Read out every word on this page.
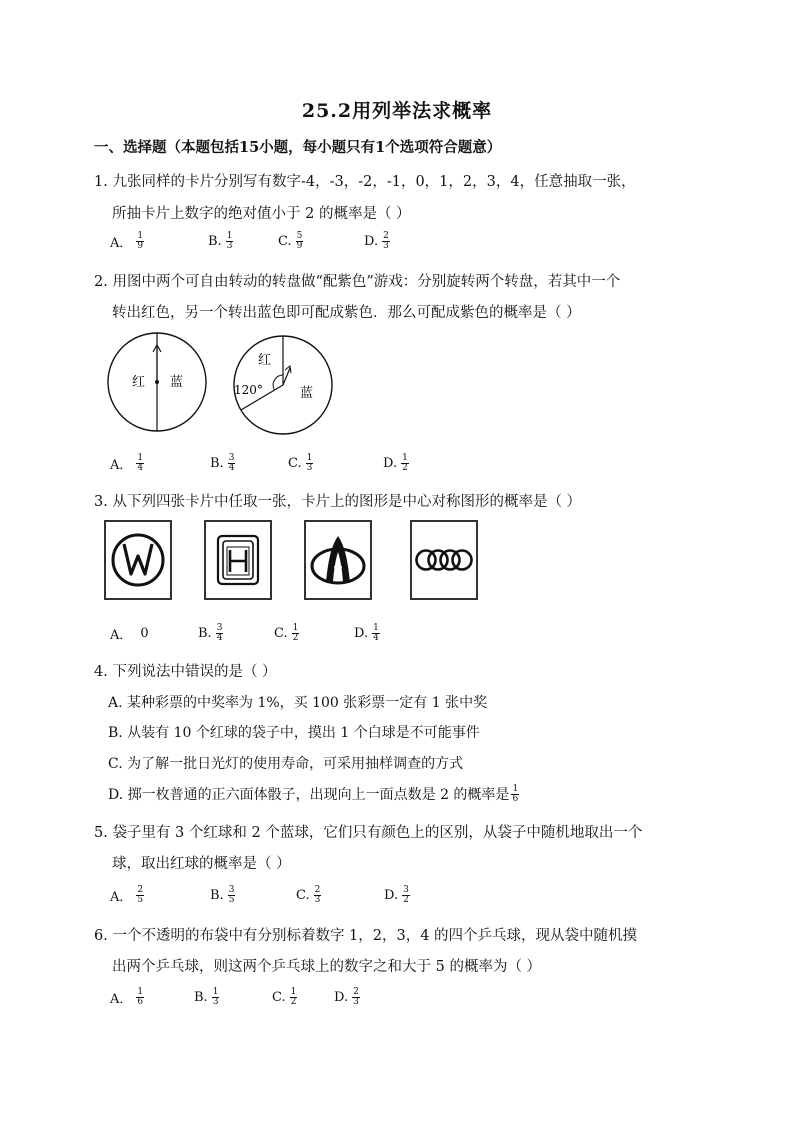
25.2用列举法求概率
一、选择题（本题包括15小题，每小题只有1个选项符合题意）
1. 九张同样的卡片分别写有数字-4，-3，-2，-1，0，1，2，3，4，任意抽取一张，
所抽卡片上数字的绝对值小于 2 的概率是（ ）
A． $\frac{1}{9}$	B. $\frac{1}{3}$	C. $\frac{5}{9}$	D. $\frac{2}{3}$
2. 用图中两个可自由转动的转盘做“配紫色”游戏：分别旋转两个转盘，若其中一个
转出红色，另一个转出蓝色即可配成紫色．那么可配成紫色的概率是（ ）
红 蓝
红
120°	蓝
A． $\frac{1}{4}$	B. $\frac{3}{4}$	C. $\frac{1}{3}$	D. $\frac{1}{2}$
3. 从下列四张卡片中任取一张，卡片上的图形是中心对称图形的概率是（ ）
A． 0	B. $\frac{3}{4}$	C. $\frac{1}{2}$	D. $\frac{1}{4}$
4. 下列说法中错误的是（ ）
A. 某种彩票的中奖率为 1%，买 100 张彩票一定有 1 张中奖
B. 从装有 10 个红球的袋子中，摸出 1 个白球是不可能事件
C. 为了解一批日光灯的使用寿命，可采用抽样调查的方式
D. 掷一枚普通的正六面体骰子，出现向上一面点数是 2 的概率是 $\frac{1}{6}$
5. 袋子里有 3 个红球和 2 个蓝球，它们只有颜色上的区别，从袋子中随机地取出一个
球，取出红球的概率是（ ）
A． $\frac{2}{5}$	B. $\frac{3}{5}$	C. $\frac{2}{3}$	D. $\frac{3}{2}$
6. 一个不透明的布袋中有分别标着数字 1，2，3，4 的四个乒乓球，现从袋中随机摸
出两个乒乓球，则这两个乒乓球上的数字之和大于 5 的概率为（ ）
A． $\frac{1}{6}$	B. $\frac{1}{3}$	C. $\frac{1}{2}$	D. $\frac{2}{3}$
